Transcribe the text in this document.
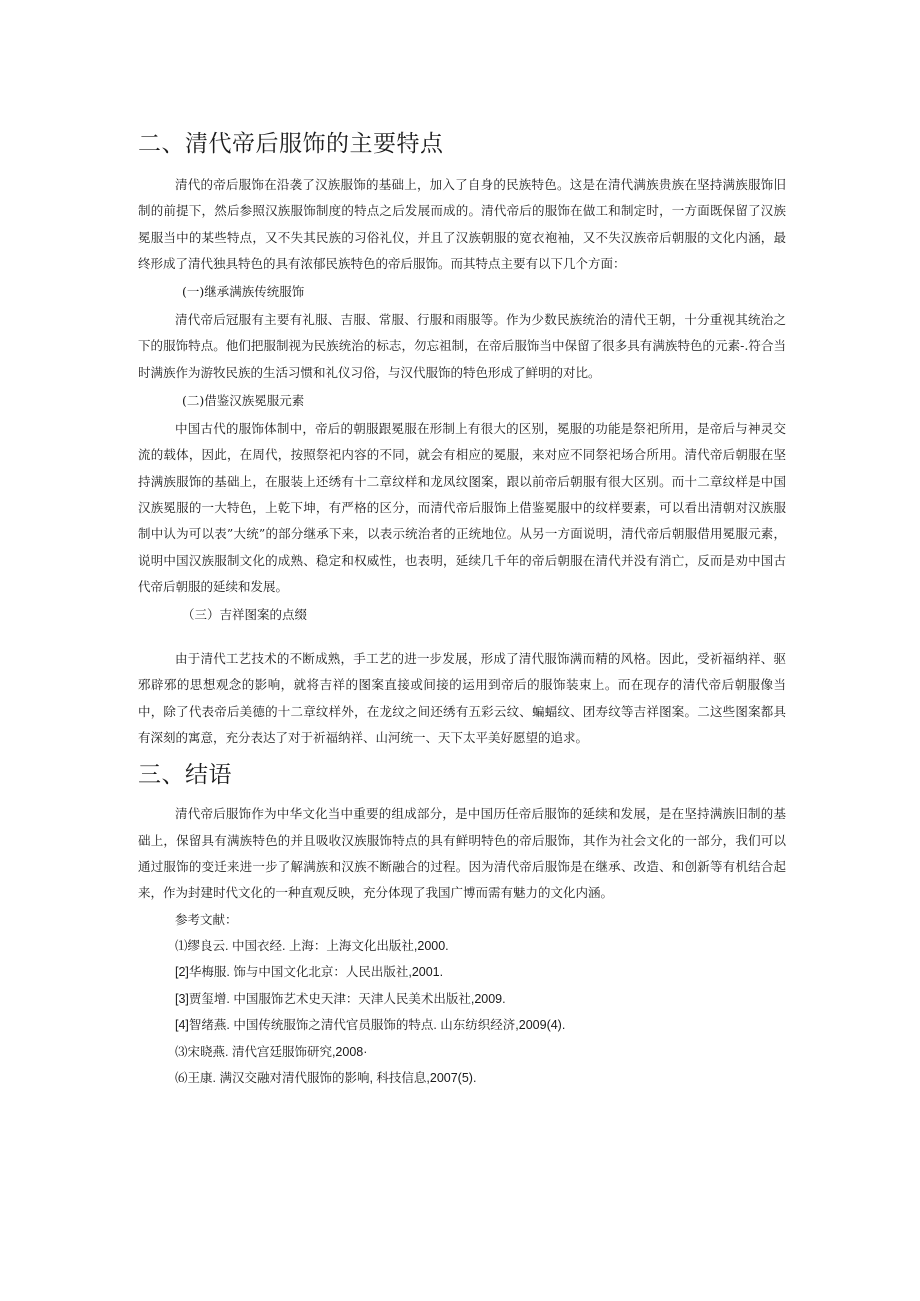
二、清代帝后服饰的主要特点

清代的帝后服饰在沿袭了汉族服饰的基础上，加入了自身的民族特色。这是在清代满族贵族在坚持满族服饰旧制的前提下，然后参照汉族服饰制度的特点之后发展而成的。清代帝后的服饰在做工和制定时，一方面既保留了汉族冕服当中的某些特点，又不失其民族的习俗礼仪，并且了汉族朝服的宽衣袍袖，又不失汉族帝后朝服的文化内涵，最终形成了清代独具特色的具有浓郁民族特色的帝后服饰。而其特点主要有以下几个方面：

(一)继承满族传统服饰

清代帝后冠服有主要有礼服、吉服、常服、行服和雨服等。作为少数民族统治的清代王朝，十分重视其统治之下的服饰特点。他们把服制视为民族统治的标志，勿忘祖制，在帝后服饰当中保留了很多具有满族特色的元素-.符合当时满族作为游牧民族的生活习惯和礼仪习俗，与汉代服饰的特色形成了鲜明的对比。

(二)借鉴汉族冕服元素

中国古代的服饰体制中，帝后的朝服跟冕服在形制上有很大的区别，冕服的功能是祭祀所用，是帝后与神灵交流的载体，因此，在周代，按照祭祀内容的不同，就会有相应的冕服，来对应不同祭祀场合所用。清代帝后朝服在坚持满族服饰的基础上，在服装上还绣有十二章纹样和龙凤纹图案，跟以前帝后朝服有很大区别。而十二章纹样是中国汉族冕服的一大特色，上乾下坤，有严格的区分，而清代帝后服饰上借鉴冕服中的纹样要素，可以看出清朝对汉族服制中认为可以表”大统”的部分继承下来，以表示统治者的正统地位。从另一方面说明，清代帝后朝服借用冕服元素，说明中国汉族服制文化的成熟、稳定和权威性，也表明，延续几千年的帝后朝服在清代并没有消亡，反而是劝中国古代帝后朝服的延续和发展。

（三）吉祥图案的点缀

由于清代工艺技术的不断成熟，手工艺的进一步发展，形成了清代服饰满而精的风格。因此，受祈福纳祥、驱邪辟邪的思想观念的影响，就将吉祥的图案直接或间接的运用到帝后的服饰装束上。而在现存的清代帝后朝服像当中，除了代表帝后美德的十二章纹样外，在龙纹之间还绣有五彩云纹、蝙蝠纹、团寿纹等吉祥图案。二这些图案都具有深刻的寓意，充分表达了对于祈福纳祥、山河统一、天下太平美好愿望的追求。

三、结语

清代帝后服饰作为中华文化当中重要的组成部分，是中国历任帝后服饰的延续和发展，是在坚持满族旧制的基础上，保留具有满族特色的并且吸收汉族服饰特点的具有鲜明特色的帝后服饰，其作为社会文化的一部分，我们可以通过服饰的变迁来进一步了解满族和汉族不断融合的过程。因为清代帝后服饰是在继承、改造、和创新等有机结合起来，作为封建时代文化的一种直观反映，充分体现了我国广博而需有魅力的文化内涵。

参考文献：

⑴缪良云. 中国衣经. 上海：上海文化出版社,2000.
[2]华梅服. 饰与中国文化北京：人民出版社,2001.
[3]贾玺增. 中国服饰艺术史天津：天津人民美术出版社,2009.
[4]智绪燕. 中国传统服饰之清代官员服饰的特点. 山东纺织经济,2009(4).
⑶宋晓燕. 清代宫廷服饰研究,2008·
⑹王康. 满汉交融对清代服饰的影响, 科技信息,2007(5).
